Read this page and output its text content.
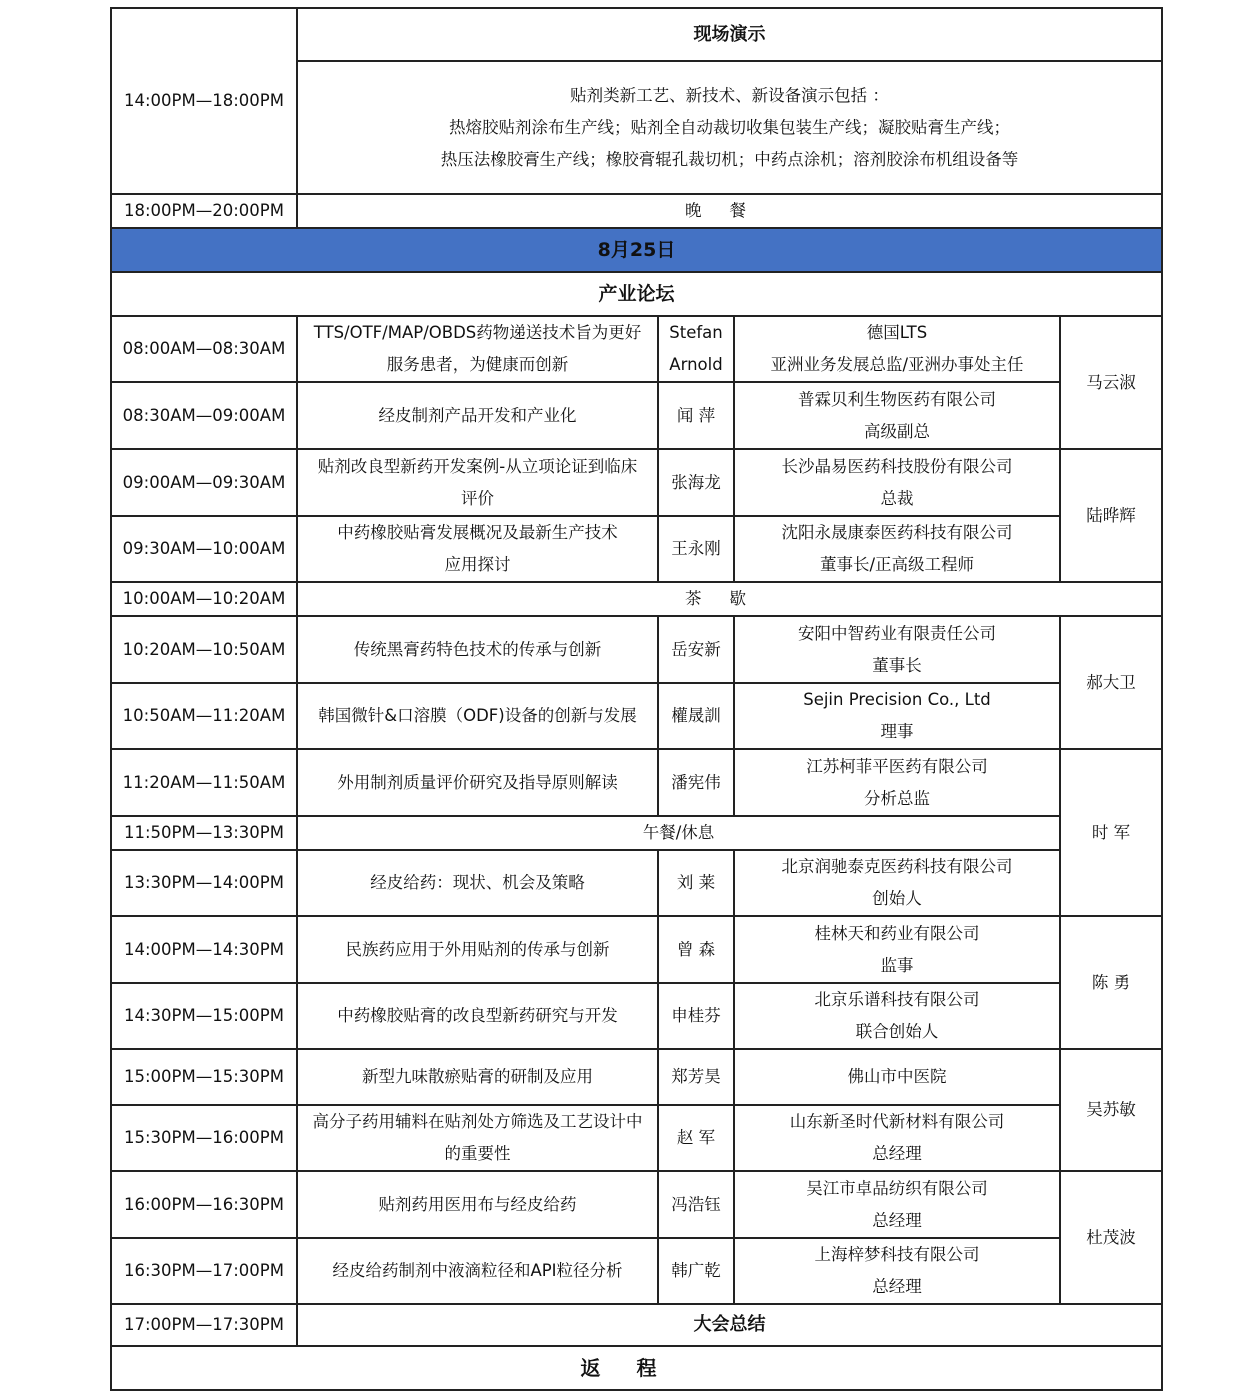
14:00PM—18:00PM	现场演示			

	贴剂类新工艺、新技术、新设备演示包括 ：
热熔胶贴剂涂布生产线；贴剂全自动裁切收集包装生产线；凝胶贴膏生产线；
热压法橡胶膏生产线；橡胶膏辊孔裁切机；中药点涂机；溶剂胶涂布机组设备等			

18:00PM—20:00PM	晚餐			
8月25日				
产业论坛				
08:00AM—08:30AM	TTS/OTF/MAP/OBDS药物递送技术旨为更好
服务患者，为健康而创新	Stefan
Arnold	德国LTS
亚洲业务发展总监/亚洲办事处主任	马云淑
08:30AM—09:00AM	经皮制剂产品开发和产业化	闻 萍	普霖贝利生物医药有限公司
高级副总	

09:00AM—09:30AM	贴剂改良型新药开发案例-从立项论证到临床
评价	张海龙	长沙晶易医药科技股份有限公司
总裁	陆晔辉
09:30AM—10:00AM	中药橡胶贴膏发展概况及最新生产技术
应用探讨	王永刚	沈阳永晟康泰医药科技有限公司
董事长/正高级工程师	

10:00AM—10:20AM	茶歇			
10:20AM—10:50AM	传统黑膏药特色技术的传承与创新	岳安新	安阳中智药业有限责任公司
董事长	郝大卫
10:50AM—11:20AM	韩国微针&口溶膜（ODF)设备的创新与发展	權晟訓	Sejin Precision Co., Ltd
理事	

11:20AM—11:50AM	外用制剂质量评价研究及指导原则解读	潘宪伟	江苏柯菲平医药有限公司
分析总监	时 军
11:50PM—13:30PM	午餐/休息			
13:30PM—14:00PM	经皮给药：现状、机会及策略	刘 莱	北京润驰泰克医药科技有限公司
创始人	

14:00PM—14:30PM	民族药应用于外用贴剂的传承与创新	曾 森	桂林天和药业有限公司
监事	陈 勇
14:30PM—15:00PM	中药橡胶贴膏的改良型新药研究与开发	申桂芬	北京乐谱科技有限公司
联合创始人	

15:00PM—15:30PM	新型九味散瘀贴膏的研制及应用	郑芳昊	佛山市中医院	吴苏敏
15:30PM—16:00PM	高分子药用辅料在贴剂处方筛选及工艺设计中
的重要性	赵 军	山东新圣时代新材料有限公司
总经理	

16:00PM—16:30PM	贴剂药用医用布与经皮给药	冯浩钰	吴江市卓品纺织有限公司
总经理	杜茂波
16:30PM—17:00PM	经皮给药制剂中液滴粒径和API粒径分析	韩广乾	上海梓梦科技有限公司
总经理	

17:00PM—17:30PM	大会总结			
返程				
